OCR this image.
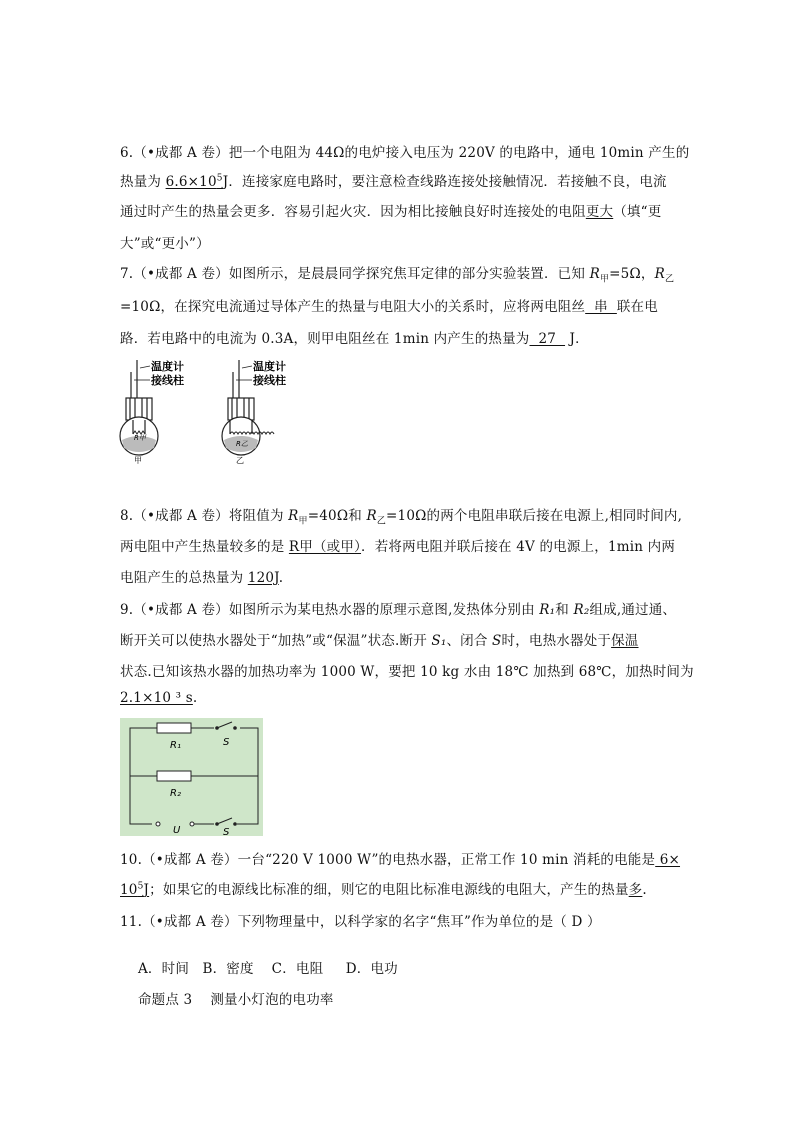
6.（•成都 A 卷）把一个电阻为 44Ω的电炉接入电压为 220V 的电路中，通电 10min 产生的
热量为 $6.6\times 10^5J$．连接家庭电路时，要注意检查线路连接处接触情况．若接触不良，电流
通过时产生的热量会更多．容易引起火灾．因为相比接触良好时连接处的电阻更大（填“更
大”或“更小”）
7.（•成都 A 卷）如图所示，是晨晨同学探究焦耳定律的部分实验装置．已知 $R_甲=5\Omega$，$R_乙$
=10Ω，在探究电流通过导体产生的热量与电阻大小的关系时，应将两电阻丝  串  联在电
路．若电路中的电流为 0.3A，则甲电阻丝在 1min 内产生的热量为  27   J．
温度计
接线柱
温度计
接线柱
R甲
R乙
甲	乙
8.（•成都 A 卷）将阻值为 $R_甲=40\Omega$和 $R_乙=10\Omega$的两个电阻串联后接在电源上,相同时间内,
两电阻中产生热量较多的是 R甲（或甲）．若将两电阻并联后接在 4V 的电源上，1min 内两
电阻产生的总热量为 120J.
9.（•成都 A 卷）如图所示为某电热水器的原理示意图,发热体分别由 R₁和 R₂组成,通过通、
断开关可以使热水器处于“加热”或“保温”状态.断开 S₁、闭合 S时，电热水器处于保温
状态.已知该热水器的加热功率为 1000 W，要把 10 kg 水由 18℃ 加热到 68℃，加热时间为
2.1×10 ³ s.
R₁
R₂
S
U	S
10.（•成都 A 卷）一台“220 V 1000 W”的电热水器，正常工作 10 min 消耗的电能是 6×
$10^5J$；如果它的电源线比标准的细，则它的电阻比标准电源线的电阻大，产生的热量多.
11.（•成都 A 卷）下列物理量中，以科学家的名字“焦耳”作为单位的是（ D ）

A．时间   B．密度    C．电阻     D．电功

命题点 3    测量小灯泡的电功率
